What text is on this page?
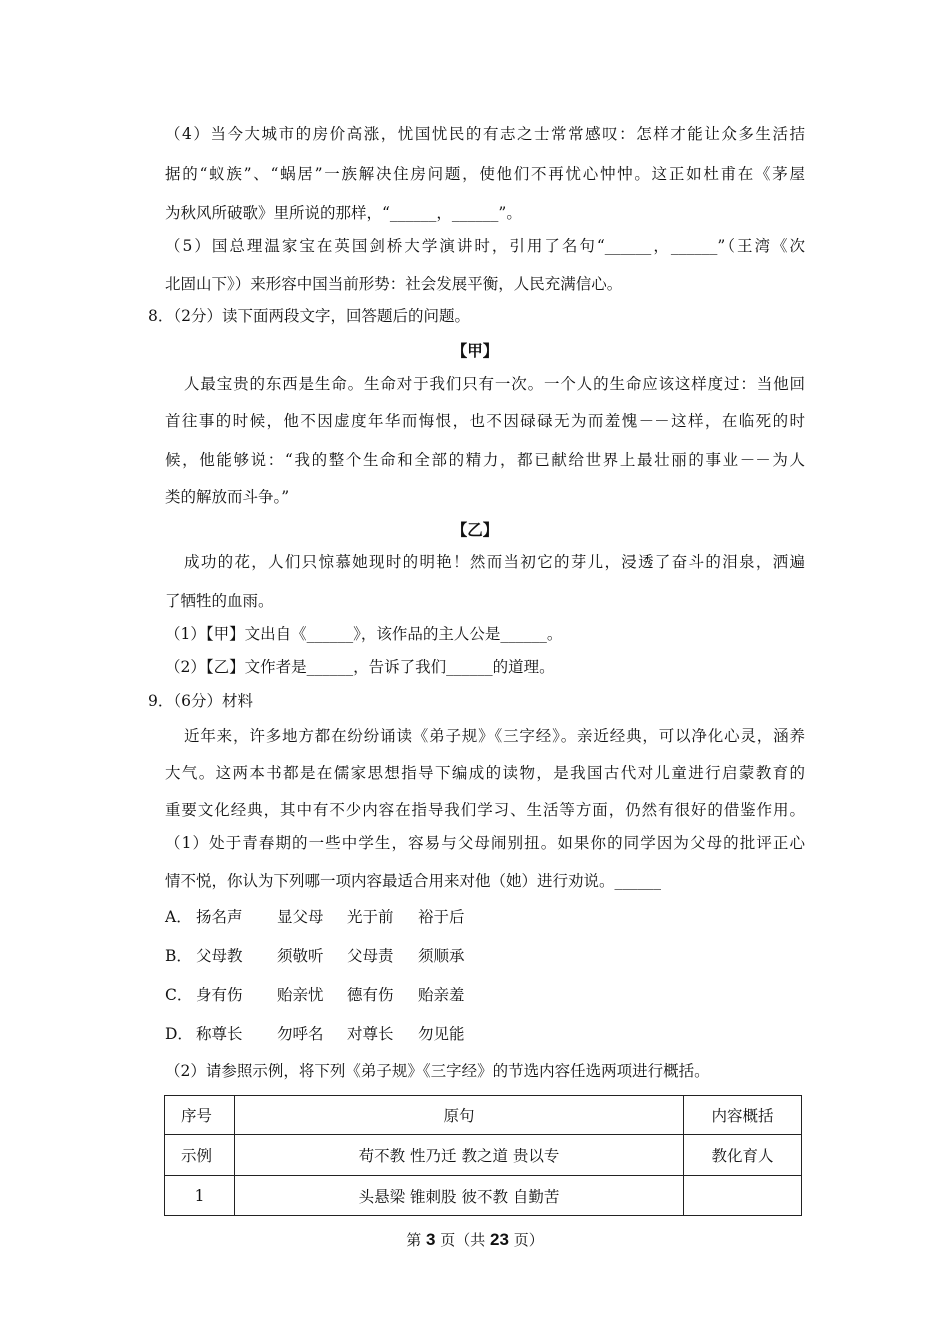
（4）当今大城市的房价高涨，忧国忧民的有志之士常常感叹：怎样才能让众多生活拮
据的“蚁族”、“蜗居”一族解决住房问题，使他们不再忧心忡忡。这正如杜甫在《茅屋
为秋风所破歌》里所说的那样，“______，______”。
（5）国总理温家宝在英国剑桥大学演讲时，引用了名句“______，______”（王湾《次
北固山下》）来形容中国当前形势：社会发展平衡，人民充满信心。
8．（2分）读下面两段文字，回答题后的问题。
【甲】
人最宝贵的东西是生命。生命对于我们只有一次。一个人的生命应该这样度过：当他回
首往事的时候，他不因虚度年华而悔恨，也不因碌碌无为而羞愧－－这样，在临死的时
候，他能够说：“我的整个生命和全部的精力，都已献给世界上最壮丽的事业－－为人
类的解放而斗争。”
【乙】
成功的花，人们只惊慕她现时的明艳！然而当初它的芽儿，浸透了奋斗的泪泉，洒遍
了牺牲的血雨。
（1）【甲】文出自《______》，该作品的主人公是______。
（2）【乙】文作者是______，告诉了我们______的道理。
9．（6分）材料
近年来，许多地方都在纷纷诵读《弟子规》《三字经》。亲近经典，可以净化心灵，涵养
大气。这两本书都是在儒家思想指导下编成的读物，是我国古代对儿童进行启蒙教育的
重要文化经典，其中有不少内容在指导我们学习、生活等方面，仍然有很好的借鉴作用。
（1）处于青春期的一些中学生，容易与父母闹别扭。如果你的同学因为父母的批评正心
情不悦，你认为下列哪一项内容最适合用来对他（她）进行劝说。______
A． 扬名声 显父母 光于前 裕于后
B． 父母教 须敬听 父母责 须顺承
C． 身有伤 贻亲忧 德有伤 贻亲羞
D． 称尊长 勿呼名 对尊长 勿见能
（2）请参照示例，将下列《弟子规》《三字经》的节选内容任选两项进行概括。
序号	原句	内容概括
示例	苟不教 性乃迁 教之道 贵以专	教化育人
1	头悬梁 锥刺股 彼不教 自勤苦	
第 3 页（共 23 页）
